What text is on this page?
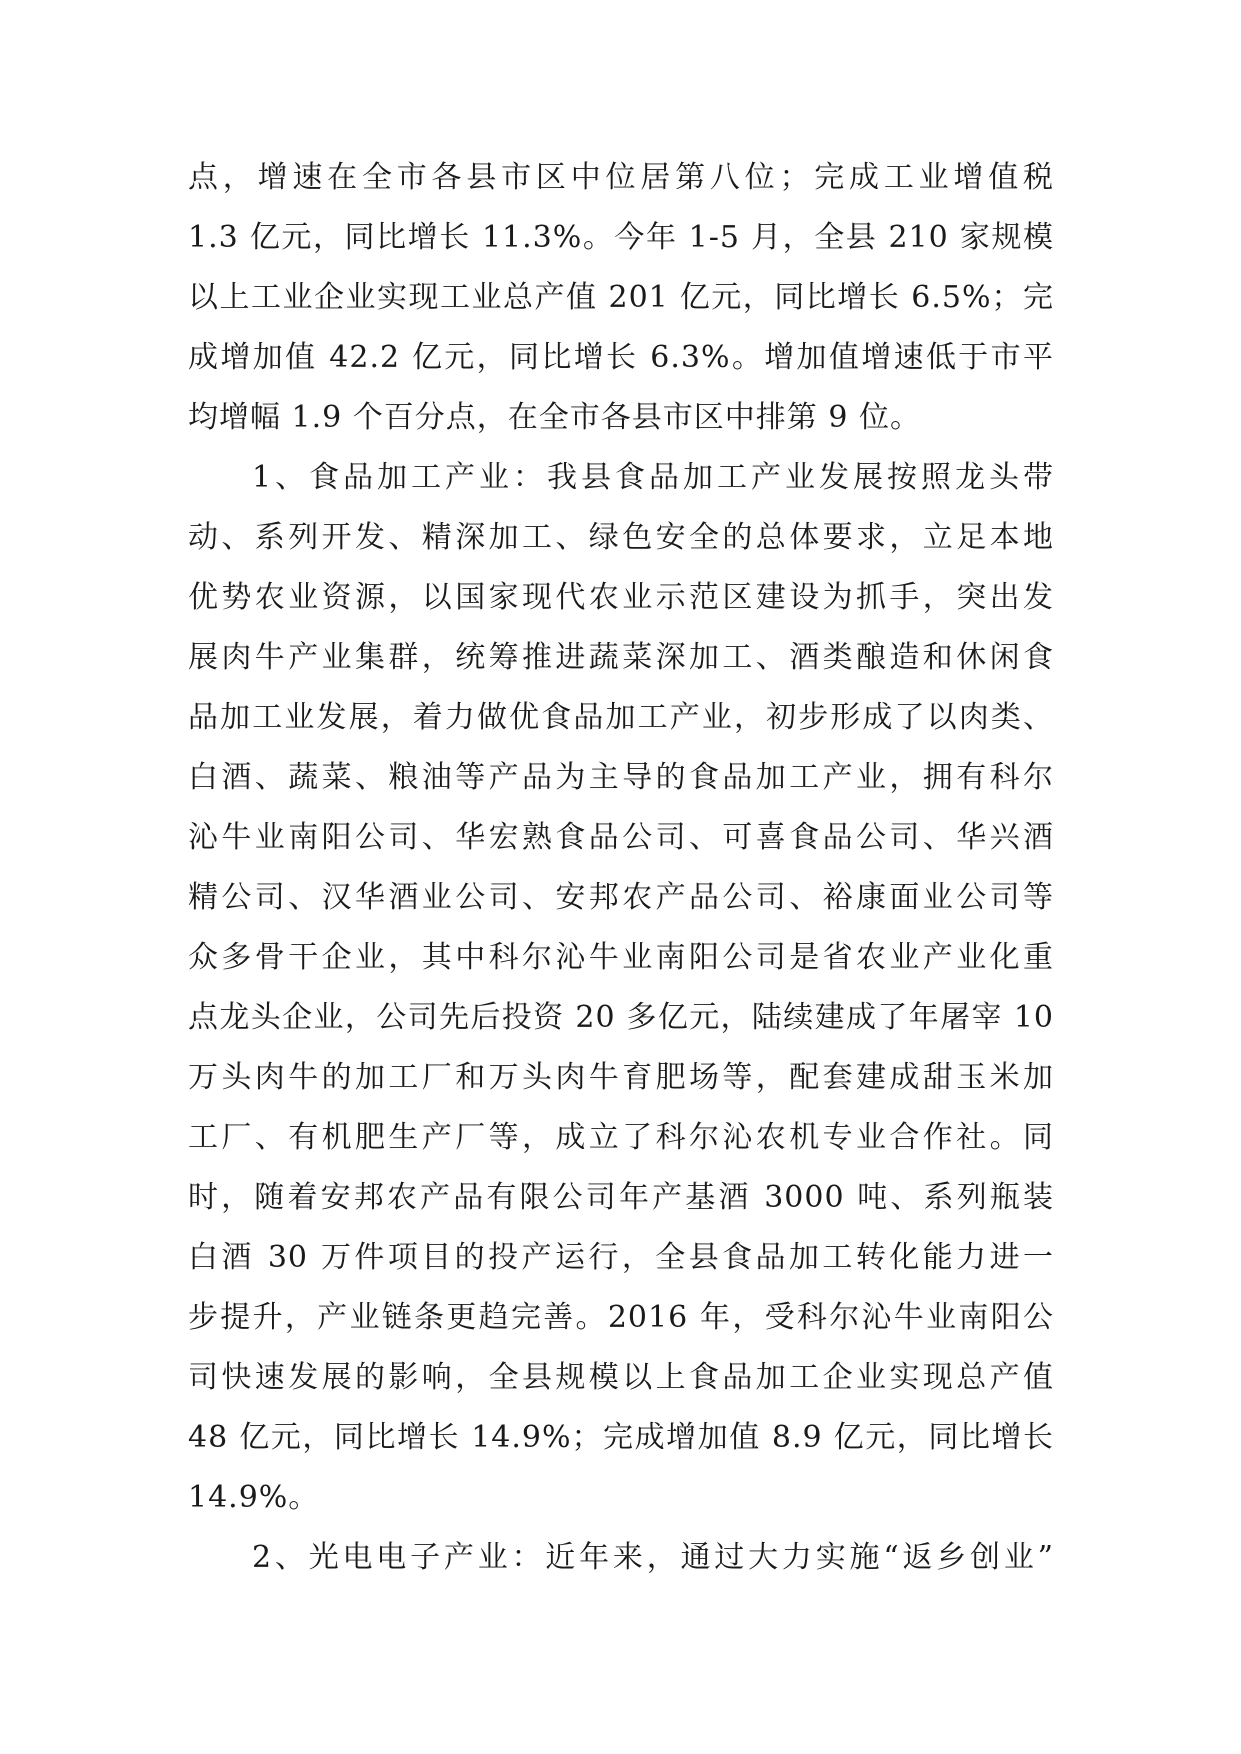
点，增速在全市各县市区中位居第八位；完成工业增值税
1.3 亿元，同比增长 11.3%。今年 1-5 月，全县 210 家规模
以上工业企业实现工业总产值 201 亿元，同比增长 6.5%；完
成增加值 42.2 亿元，同比增长 6.3%。增加值增速低于市平
均增幅 1.9 个百分点，在全市各县市区中排第 9 位。
1、食品加工产业：我县食品加工产业发展按照龙头带
动、系列开发、精深加工、绿色安全的总体要求，立足本地
优势农业资源，以国家现代农业示范区建设为抓手，突出发
展肉牛产业集群，统筹推进蔬菜深加工、酒类酿造和休闲食
品加工业发展，着力做优食品加工产业，初步形成了以肉类、
白酒、蔬菜、粮油等产品为主导的食品加工产业，拥有科尔
沁牛业南阳公司、华宏熟食品公司、可喜食品公司、华兴酒
精公司、汉华酒业公司、安邦农产品公司、裕康面业公司等
众多骨干企业，其中科尔沁牛业南阳公司是省农业产业化重
点龙头企业，公司先后投资 20 多亿元，陆续建成了年屠宰 10
万头肉牛的加工厂和万头肉牛育肥场等，配套建成甜玉米加
工厂、有机肥生产厂等，成立了科尔沁农机专业合作社。同
时，随着安邦农产品有限公司年产基酒 3000 吨、系列瓶装
白酒 30 万件项目的投产运行，全县食品加工转化能力进一
步提升，产业链条更趋完善。2016 年，受科尔沁牛业南阳公
司快速发展的影响，全县规模以上食品加工企业实现总产值
48 亿元，同比增长 14.9%；完成增加值 8.9 亿元，同比增长
14.9%。
2、光电电子产业：近年来，通过大力实施“返乡创业”
